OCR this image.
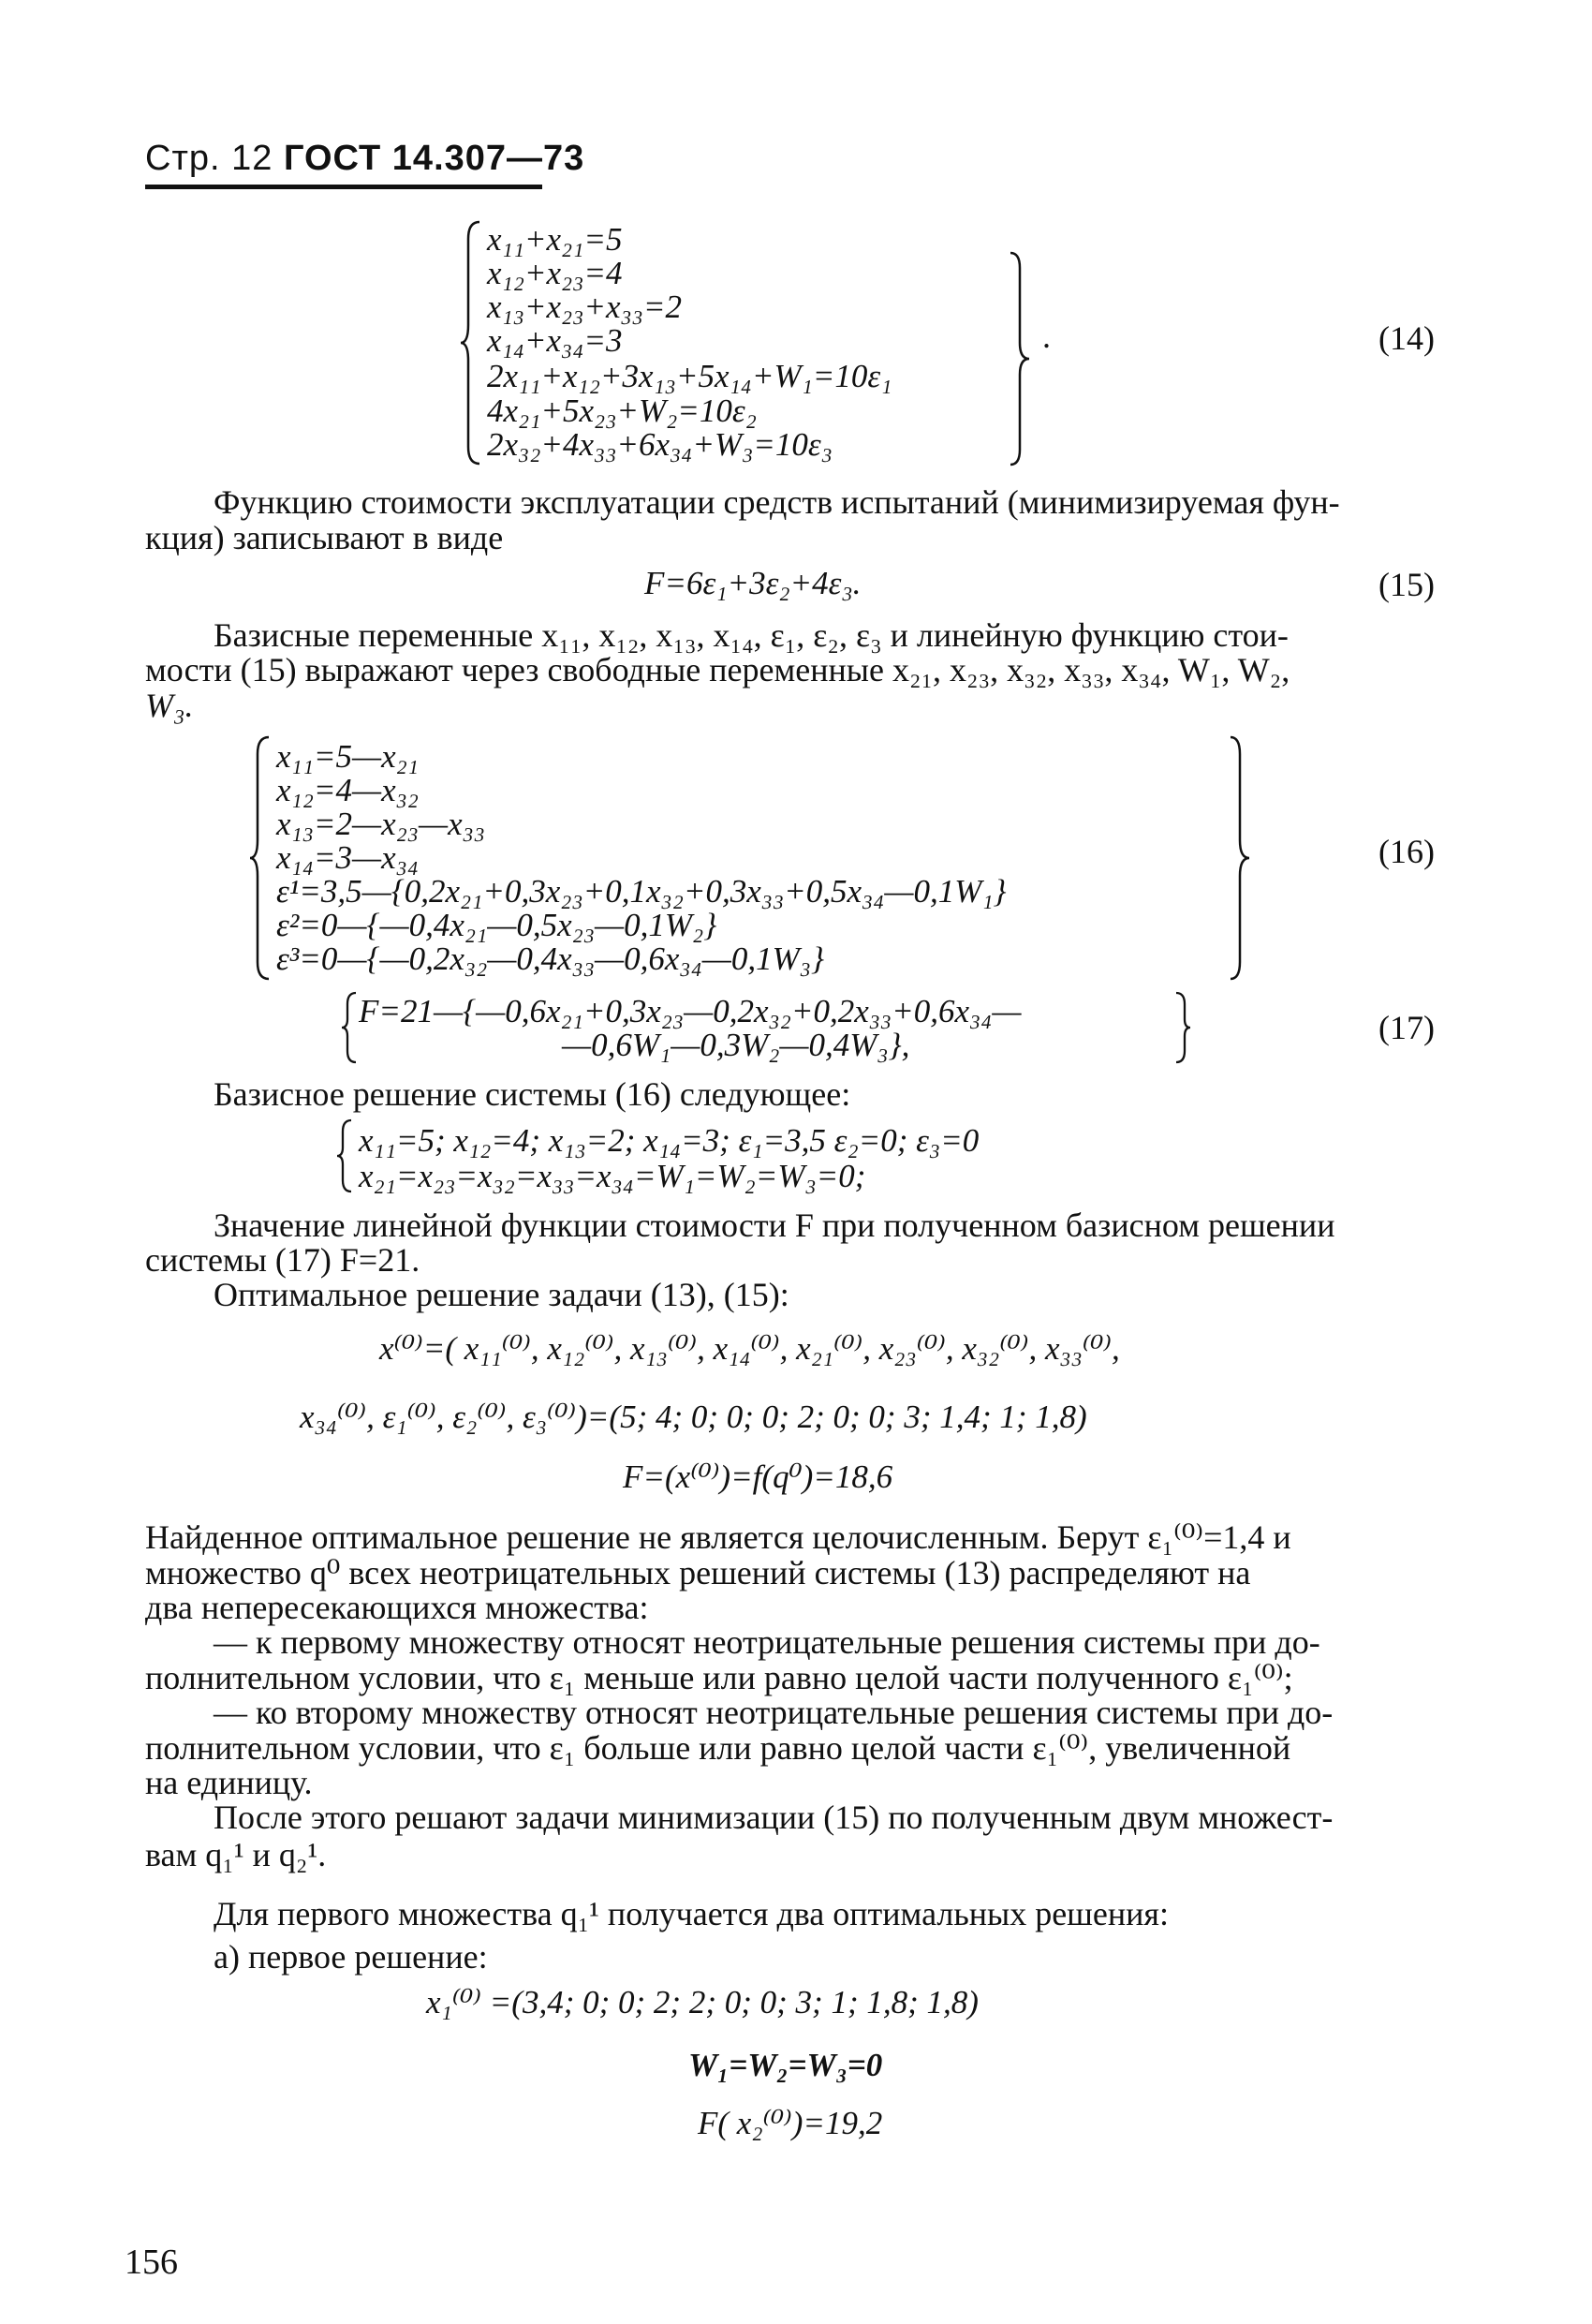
Стр. 12 ГОСТ 14.307—73
x₁₁+x₂₁=5
x₁₂+x₂₃=4
x₁₃+x₂₃+x₃₃=2
x₁₄+x₃₄=3
2x₁₁+x₁₂+3x₁₃+5x₁₄+W₁=10ε₁
4x₂₁+5x₂₃+W₂=10ε₂
2x₃₂+4x₃₃+6x₃₄+W₃=10ε₃
.	(14)
Функцию стоимости эксплуатации средств испытаний (минимизируемая фун-
кция) записывают в виде
F=6ε₁+3ε₂+4ε₃.	(15)
Базисные переменные x₁₁, x₁₂, x₁₃, x₁₄, ε₁, ε₂, ε₃ и линейную функцию стои-
мости (15) выражают через свободные переменные x₂₁, x₂₃, x₃₂, x₃₃, x₃₄, W₁, W₂,
W₃.
x₁₁=5—x₂₁
x₁₂=4—x₃₂
x₁₃=2—x₂₃—x₃₃
x₁₄=3—x₃₄
ε¹=3,5—{0,2x₂₁+0,3x₂₃+0,1x₃₂+0,3x₃₃+0,5x₃₄—0,1W₁}
ε²=0—{—0,4x₂₁—0,5x₂₃—0,1W₂}
ε³=0—{—0,2x₃₂—0,4x₃₃—0,6x₃₄—0,1W₃}
(16)
F=21—{—0,6x₂₁+0,3x₂₃—0,2x₃₂+0,2x₃₃+0,6x₃₄—
—0,6W₁—0,3W₂—0,4W₃},	(17)
Базисное решение системы (16) следующее:
x₁₁=5; x₁₂=4; x₁₃=2; x₁₄=3; ε₁=3,5 ε₂=0; ε₃=0
x₂₁=x₂₃=x₃₂=x₃₃=x₃₄=W₁=W₂=W₃=0;
Значение линейной функции стоимости F при полученном базисном решении
системы (17) F=21.
Оптимальное решение задачи (13), (15):
x⁽⁰⁾=( x₁₁⁽⁰⁾, x₁₂⁽⁰⁾, x₁₃⁽⁰⁾, x₁₄⁽⁰⁾, x₂₁⁽⁰⁾, x₂₃⁽⁰⁾, x₃₂⁽⁰⁾, x₃₃⁽⁰⁾,
x₃₄⁽⁰⁾, ε₁⁽⁰⁾, ε₂⁽⁰⁾, ε₃⁽⁰⁾)=(5; 4; 0; 0; 0; 2; 0; 0; 3; 1,4; 1; 1,8)
F=(x⁽⁰⁾)=f(q⁰)=18,6
Найденное оптимальное решение не является целочисленным. Берут ε₁⁽⁰⁾=1,4 и
множество q⁰ всех неотрицательных решений системы (13) распределяют на
два непересекающихся множества:
— к первому множеству относят неотрицательные решения системы при до-
полнительном условии, что ε₁ меньше или равно целой части полученного ε₁⁽⁰⁾;
— ко второму множеству относят неотрицательные решения системы при до-
полнительном условии, что ε₁ больше или равно целой части ε₁⁽⁰⁾, увеличенной
на единицу.
После этого решают задачи минимизации (15) по полученным двум множест-
вам q₁¹ и q₂¹.
Для первого множества q₁¹ получается два оптимальных решения:
а) первое решение:
x₁⁽⁰⁾ =(3,4; 0; 0; 2; 2; 0; 0; 3; 1; 1,8; 1,8)
W₁=W₂=W₃=0
F( x₂⁽⁰⁾)=19,2
156
